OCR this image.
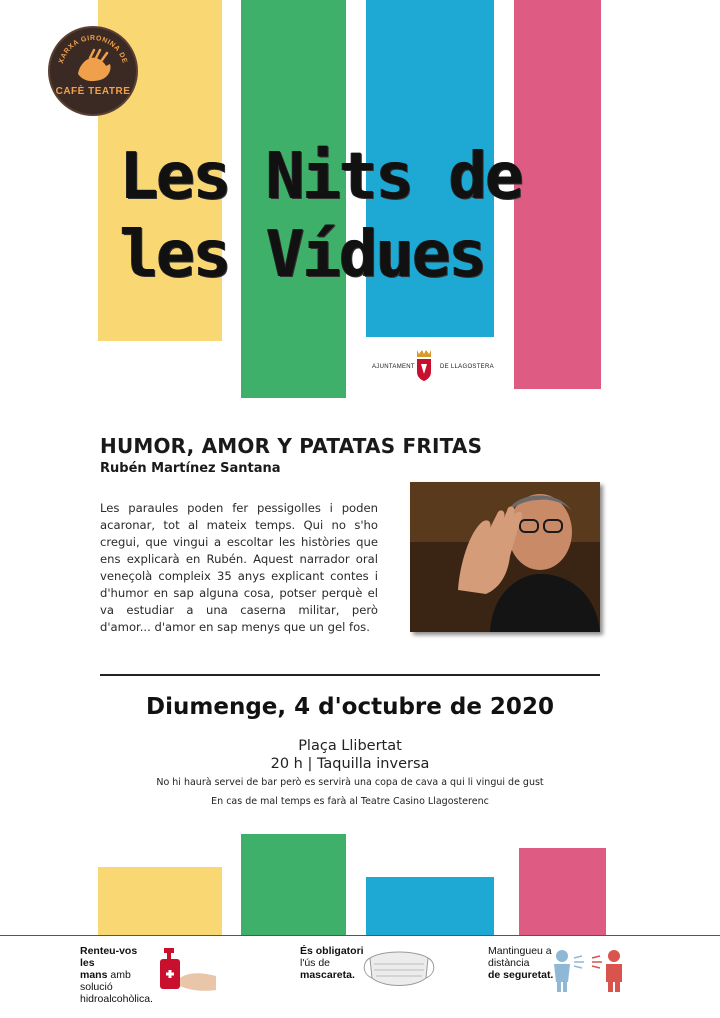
XARXA GIRONINA DE
CAFÈ TEATRE
Les Nits de
les Vídues
AJUNTAMENT	DE LLAGOSTERA
HUMOR, AMOR Y PATATAS FRITAS
Rubén Martínez Santana
Les paraules poden fer pessigolles i poden acaronar, tot al mateix temps. Qui no s'ho cregui, que vingui a escoltar les històries que ens explicarà en Rubén. Aquest narrador oral veneçolà compleix 35 anys explicant contes i d'humor en sap alguna cosa, potser perquè el va estudiar a una caserna militar, però d'amor... d'amor en sap menys que un gel fos.
Diumenge, 4 d'octubre de 2020
Plaça Llibertat
20 h | Taquilla inversa
No hi haurà servei de bar però es servirà una copa de cava a qui li vingui de gust
En cas de mal temps es farà al Teatre Casino Llagosterenc
Renteu-vos les
mans amb solució hidroalcohòlica.
És obligatori
l'ús de
mascareta.
Mantingueu a distància
de seguretat.
